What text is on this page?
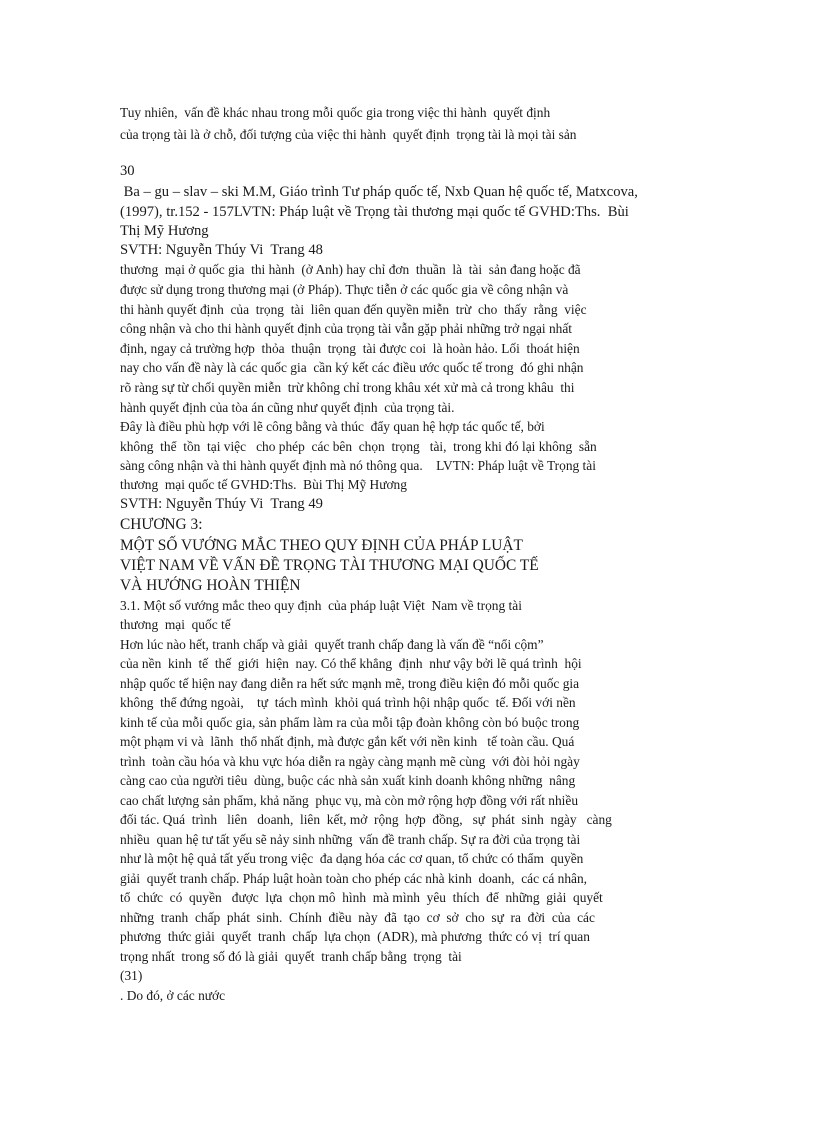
Tuy nhiên,  vấn đề khác nhau trong mỗi quốc gia trong việc thi hành  quyết định
của trọng tài là ở chỗ, đối tượng của việc thi hành  quyết định  trọng tài là mọi tài sản
30
Ba – gu – slav – ski M.M, Giáo trình Tư pháp quốc tế, Nxb Quan hệ quốc tế, Matxcova,
(1997), tr.152 - 157LVTN: Pháp luật về Trọng tài thương mại quốc tế GVHD:Ths.  Bùi
Thị Mỹ Hương
SVTH: Nguyễn Thúy Vi  Trang 48
thương  mại ở quốc gia  thi hành  (ở Anh) hay chỉ đơn  thuần  là  tài  sản đang hoặc đã
được sử dụng trong thương mại (ở Pháp). Thực tiễn ở các quốc gia về công nhận và
thi hành quyết định  của  trọng  tài  liên quan đến quyền miễn  trừ  cho  thấy  rằng  việc
công nhận và cho thi hành quyết định của trọng tài vẫn gặp phải những trở ngại nhất
định, ngay cả trường hợp  thỏa  thuận  trọng  tài được coi  là hoàn hảo. Lối  thoát hiện
nay cho vấn đề này là các quốc gia  cần ký kết các điều ước quốc tế trong  đó ghi nhận
rõ ràng sự từ chối quyền miễn  trừ không chỉ trong khâu xét xử mà cả trong khâu  thi
hành quyết định của tòa án cũng như quyết định  của trọng tài.
Đây là điều phù hợp với lẽ công bằng và thúc  đẩy quan hệ hợp tác quốc tế, bởi
không  thể  tồn  tại việc   cho phép  các bên  chọn  trọng   tài,  trong khi đó lại không  sẵn
sàng công nhận và thi hành quyết định mà nó thông qua.    LVTN: Pháp luật về Trọng tài
thương  mại quốc tế GVHD:Ths.  Bùi Thị Mỹ Hương
SVTH: Nguyễn Thúy Vi  Trang 49
CHƯƠNG 3:
MỘT SỐ VƯỚNG MẮC THEO QUY ĐỊNH CỦA PHÁP LUẬT
VIỆT NAM VỀ VẤN ĐỀ TRỌNG TÀI THƯƠNG MẠI QUỐC TẾ
VÀ HƯỚNG HOÀN THIỆN
3.1. Một số vướng mắc theo quy định  của pháp luật Việt  Nam về trọng tài
thương  mại  quốc tế
Hơn lúc nào hết, tranh chấp và giải  quyết tranh chấp đang là vấn đề “nổi cộm”
của nền  kinh  tế  thế  giới  hiện  nay. Có thể khẳng  định  như vậy bởi lẽ quá trình  hội
nhập quốc tế hiện nay đang diễn ra hết sức mạnh mẽ, trong điều kiện đó mỗi quốc gia
không  thể đứng ngoài,    tự  tách mình  khỏi quá trình hội nhập quốc  tế. Đối với nền
kinh tế của mỗi quốc gia, sản phẩm làm ra của mỗi tập đoàn không còn bó buộc trong
một phạm vi và  lãnh  thổ nhất định, mà được gắn kết với nền kinh   tế toàn cầu. Quá
trình  toàn cầu hóa và khu vực hóa diễn ra ngày càng mạnh mẽ cùng  với đòi hỏi ngày
càng cao của người tiêu  dùng, buộc các nhà sản xuất kinh doanh không những  nâng
cao chất lượng sản phẩm, khả năng  phục vụ, mà còn mở rộng hợp đồng với rất nhiều
đối tác. Quá  trình   liên   doanh,  liên  kết, mở  rộng  hợp  đồng,   sự  phát  sinh  ngày   càng
nhiều  quan hệ tư tất yếu sẽ nảy sinh những  vấn đề tranh chấp. Sự ra đời của trọng tài
như là một hệ quả tất yếu trong việc  đa dạng hóa các cơ quan, tổ chức có thẩm  quyền
giải  quyết tranh chấp. Pháp luật hoàn toàn cho phép các nhà kinh  doanh,  các cá nhân,
tổ  chức  có  quyền   được  lựa  chọn mô  hình  mà mình  yêu  thích  để  những  giải  quyết
những  tranh  chấp  phát  sinh.  Chính  điều  này  đã  tạo  cơ  sở  cho  sự  ra  đời  của  các
phương  thức giải  quyết  tranh  chấp  lựa chọn  (ADR), mà phương  thức có vị  trí quan
trọng nhất  trong số đó là giải  quyết  tranh chấp bằng  trọng  tài
(31)
. Do đó, ở các nước
